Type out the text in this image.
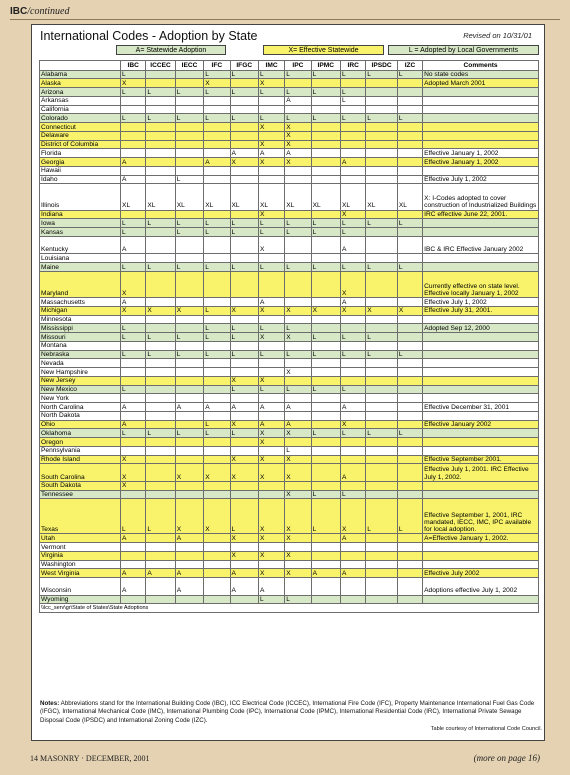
IBC/continued
International Codes - Adoption by State	Revised on 10/31/01
A= Statewide Adoption	X= Effective Statewide	L = Adopted by Local Governments
	IBC	ICCEC	IECC	IFC	IFGC	IMC	IPC	IPMC	IRC	IPSDC	IZC	Comments
Alabama	L			L	L	L	L	L	L	L	L	No state codes
Alaska	X			X		X						Adopted March 2001
Arizona	L	L	L	L	L	L	L	L	L			
Arkansas							A		L			
California												
Colorado	L	L	L	L	L	L	L	L	L	L	L	
Connecticut						X	X					
Delaware							X					
District of Columbia						X	X					
Florida					A	A	A					Effective January 1, 2002
Georgia	A			A	X	X	X		A			Effective January 1, 2002
Hawaii												
Idaho	A		L									Effective July 1, 2002
Illinois	XL	XL	XL	XL	XL	XL	XL	XL	XL	XL	XL	X: I-Codes adopted to cover construction of Industrialized Buildings
Indiana						X			X			IRC effective June 22, 2001.
Iowa	L	L	L	L	L	L	L	L	L	L	L	
Kansas	L		L	L	L	L	L	L	L			
Kentucky	A					X			A			IBC & IRC Effective January 2002
Louisiana												
Maine	L	L	L	L	L	L	L	L	L	L	L	
Maryland	X								X			Currently effective on state level. Effective locally January 1, 2002
Massachusetts	A					A			A			Effective July 1, 2002
Michigan	X	X	X	L	X	X	X	X	X	X	X	Effective July 31, 2001.
Minnesota												
Mississippi	L			L	L	L	L					Adopted Sep 12, 2000
Missouri	L	L	L	L	L	X	X	L	L	L		
Montana												
Nebraska	L	L	L	L	L	L	L	L	L	L	L	
Nevada												
New Hampshire							X					
New Jersey					X	X						
New Mexico	L				L	L	L	L	L			
New York												
North Carolina	A		A	A	A	A	A		A			Effective December 31, 2001
North Dakota												
Ohio	A			L	X	A	A		X			Effective January 2002
Oklahoma	L	L	L	L	L	X	X	L	L	L	L	
Oregon						X						
Pennsylvania							L					
Rhode Island	X				X	X	X					Effective September 2001.
South Carolina	X		X	X	X	X	X		A			Effective July 1, 2001. IRC Effective July 1, 2002.
South Dakota	X											
Tennessee							X	L	L			
Texas	L	L	X	X	L	X	X	L	X	L	L	Effective September 1, 2001, IRC mandated, IECC, IMC, IPC available for local adoption.
Utah	A		A		X	X	X		A			A=Effective January 1, 2002.
Vermont												
Virginia					X	X	X					
Washington												
West Virginia	A	A	A		A	X	X	A	A			Effective July 2002
Wisconsin	A		A		A	A						Adoptions effective July 1, 2002
Wyoming						L	L					
\\lcc_serv\gr\State of States\State Adoptions												
Notes: Abbreviations stand for the International Building Code (IBC), ICC Electrical Code (ICCEC), International Fire Code (IFC), Property Maintenance International Fuel Gas Code (IFGC), International Mechanical Code (IMC), International Plumbing Code (IPC), International Code (IPMC), International Residential Code (IRC), International Private Sewage Disposal Code (IPSDC) and International Zoning Code (IZC).
Table courtesy of International Code Council.
14 MASONRY · DECEMBER, 2001	(more on page 16)
